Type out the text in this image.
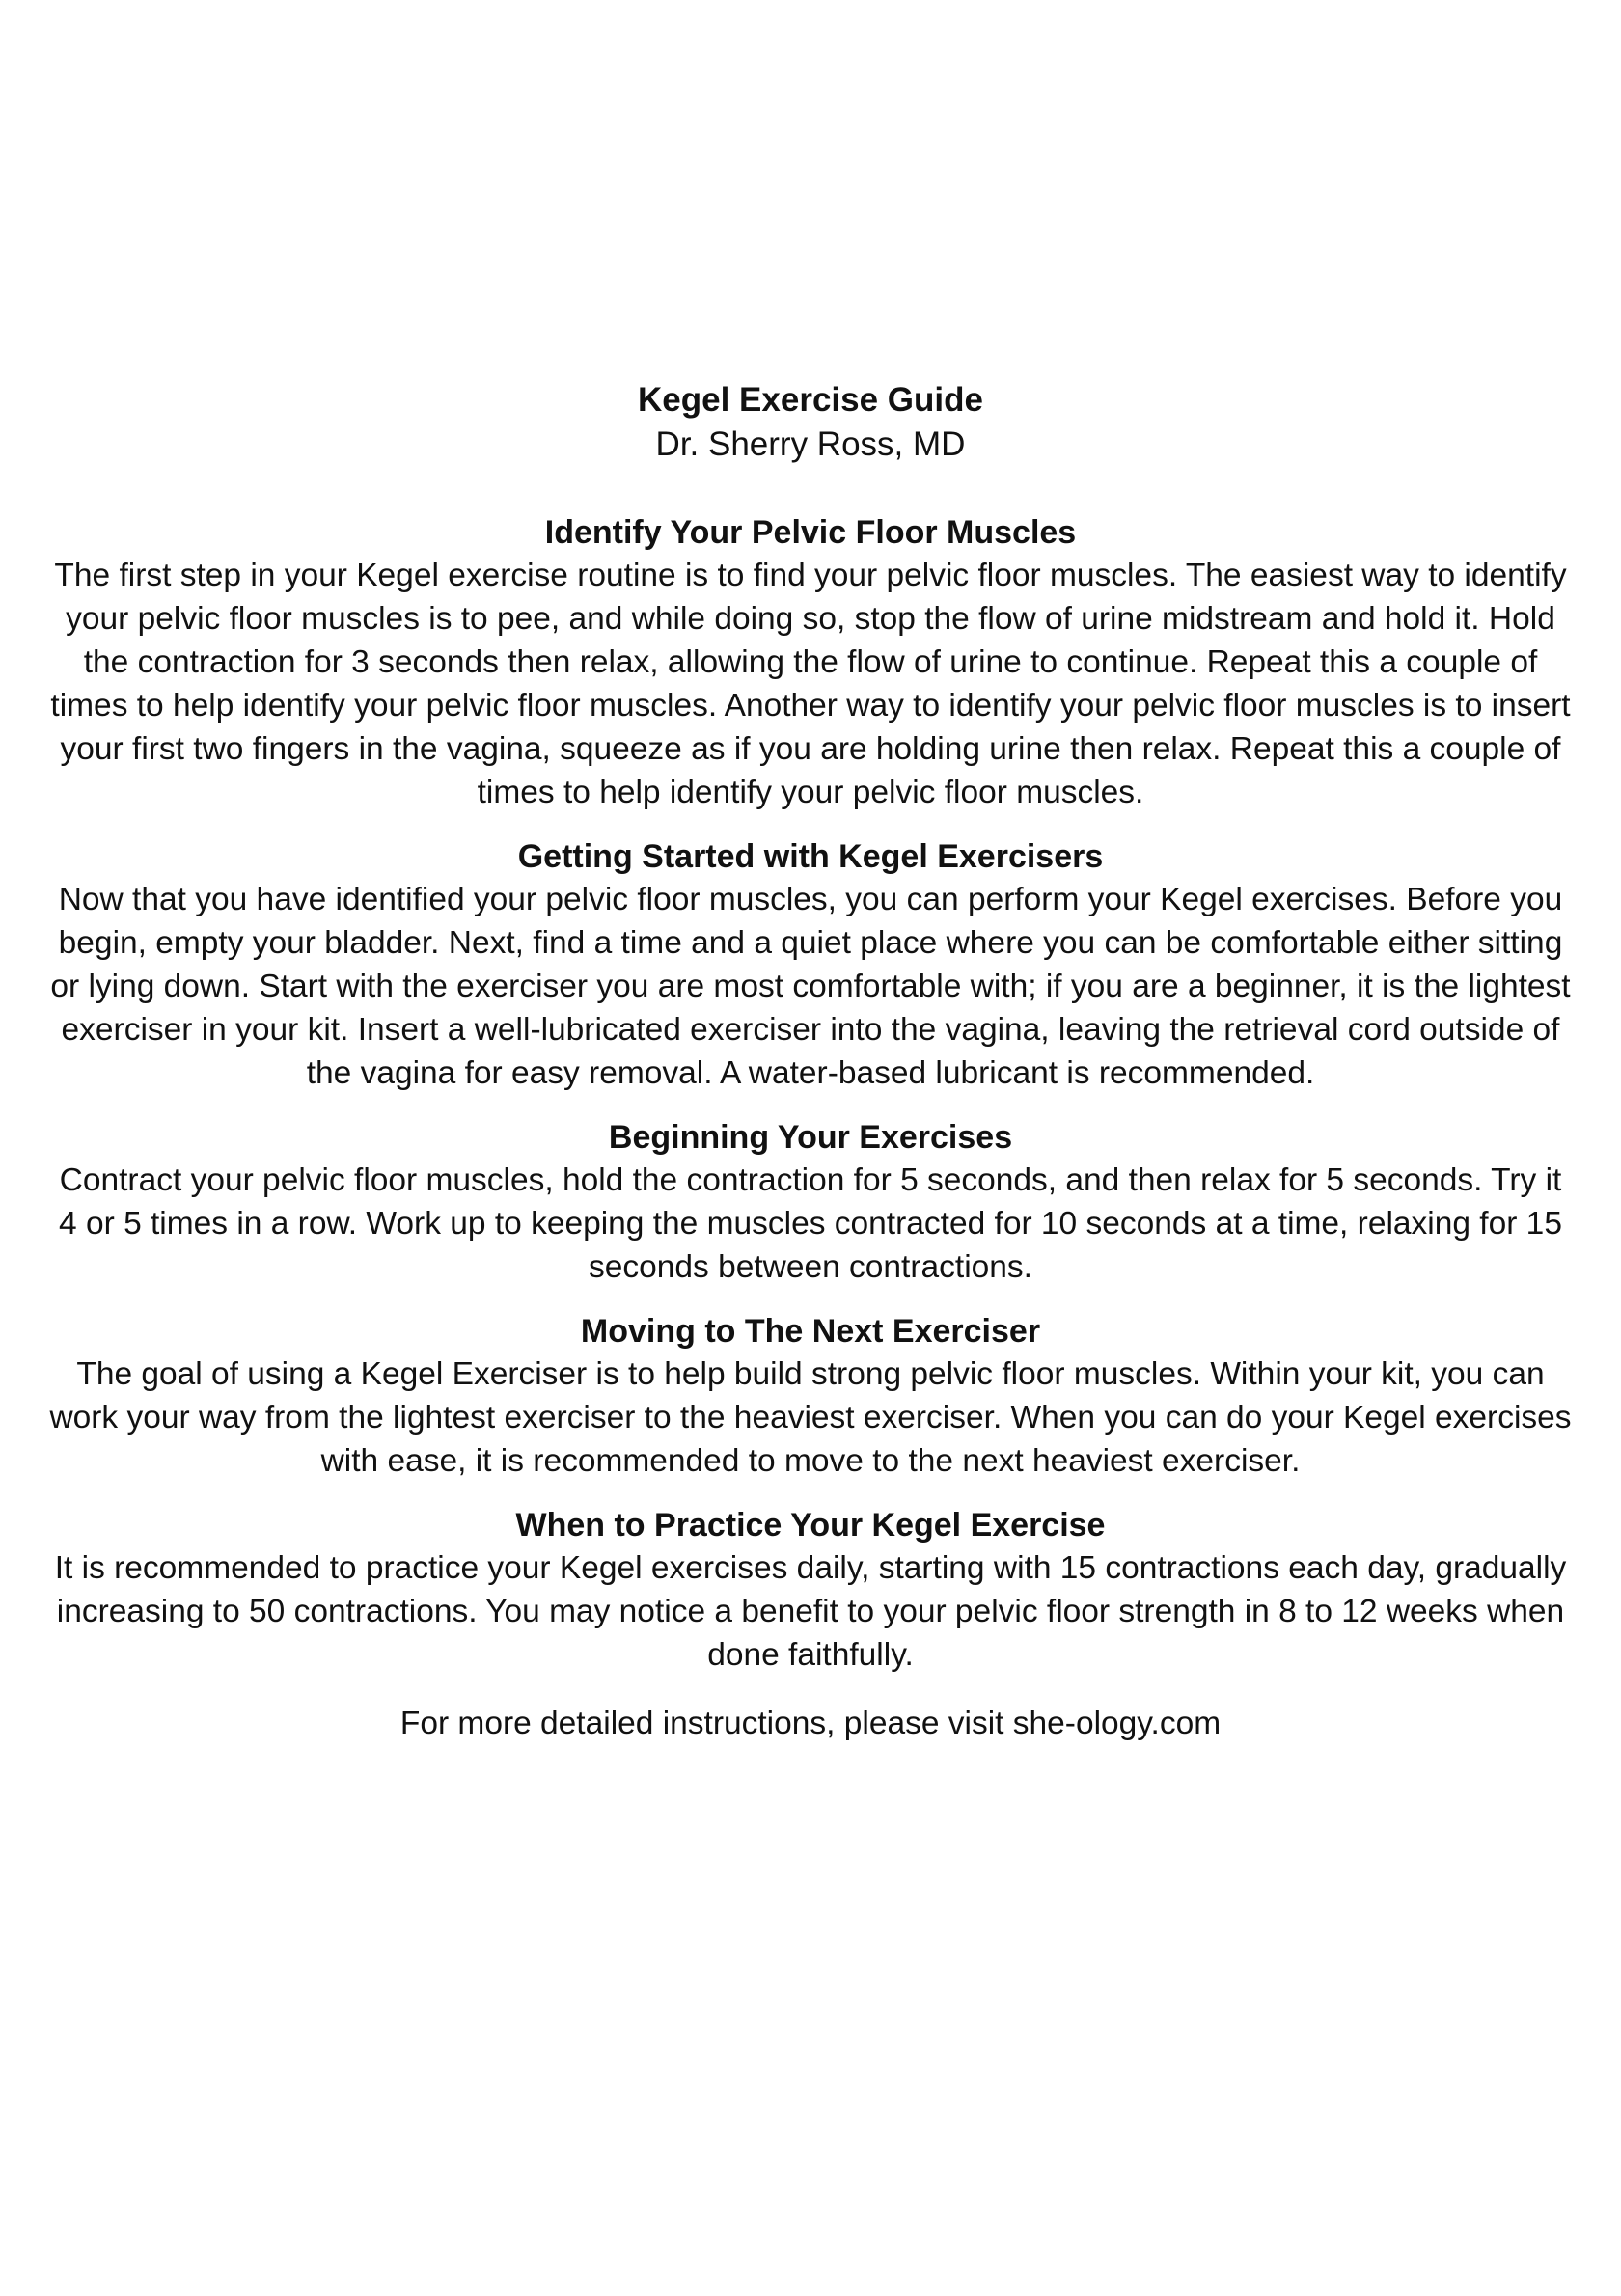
Kegel Exercise Guide

Dr. Sherry Ross, MD

Identify Your Pelvic Floor Muscles

The first step in your Kegel exercise routine is to find your pelvic floor muscles. The easiest way to identify your pelvic floor muscles is to pee, and while doing so, stop the flow of urine midstream and hold it. Hold the contraction for 3 seconds then relax, allowing the flow of urine to continue. Repeat this a couple of times to help identify your pelvic floor muscles. Another way to identify your pelvic floor muscles is to insert your first two fingers in the vagina, squeeze as if you are holding urine then relax. Repeat this a couple of times to help identify your pelvic floor muscles.

Getting Started with Kegel Exercisers

Now that you have identified your pelvic floor muscles, you can perform your Kegel exercises. Before you begin, empty your bladder. Next, find a time and a quiet place where you can be comfortable either sitting or lying down. Start with the exerciser you are most comfortable with; if you are a beginner, it is the lightest exerciser in your kit. Insert a well-lubricated exerciser into the vagina, leaving the retrieval cord outside of the vagina for easy removal. A water-based lubricant is recommended.

Beginning Your Exercises

Contract your pelvic floor muscles, hold the contraction for 5 seconds, and then relax for 5 seconds. Try it 4 or 5 times in a row. Work up to keeping the muscles contracted for 10 seconds at a time, relaxing for 15 seconds between contractions.

Moving to The Next Exerciser

The goal of using a Kegel Exerciser is to help build strong pelvic floor muscles. Within your kit, you can work your way from the lightest exerciser to the heaviest exerciser. When you can do your Kegel exercises with ease, it is recommended to move to the next heaviest exerciser.

When to Practice Your Kegel Exercise

It is recommended to practice your Kegel exercises daily, starting with 15 contractions each day, gradually increasing to 50 contractions. You may notice a benefit to your pelvic floor strength in 8 to 12 weeks when done faithfully.

For more detailed instructions, please visit she-ology.com
